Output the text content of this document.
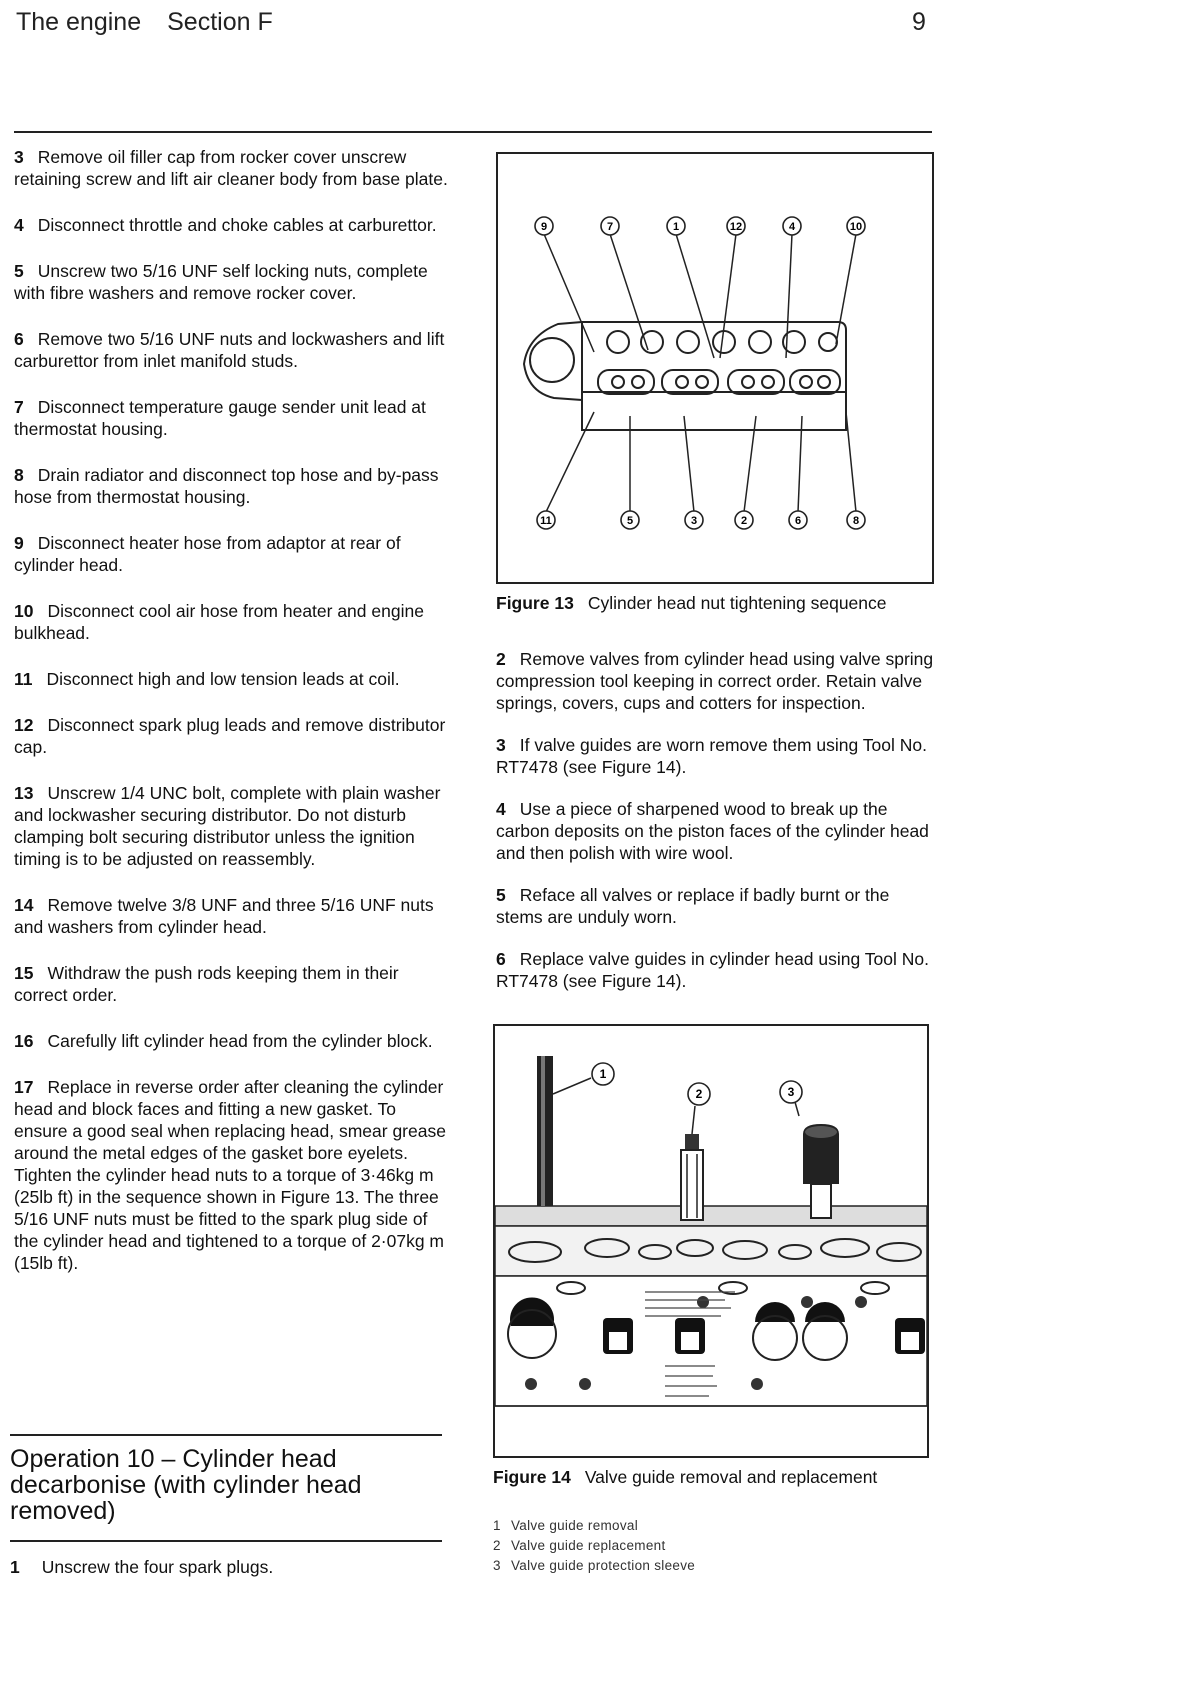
The engine Section F	9
3 Remove oil filler cap from rocker cover unscrew retaining screw and lift air cleaner body from base plate.
4 Disconnect throttle and choke cables at carburettor.
5 Unscrew two 5/16 UNF self locking nuts, complete with fibre washers and remove rocker cover.
6 Remove two 5/16 UNF nuts and lockwashers and lift carburettor from inlet manifold studs.
7 Disconnect temperature gauge sender unit lead at thermostat housing.
8 Drain radiator and disconnect top hose and by-pass hose from thermostat housing.
9 Disconnect heater hose from adaptor at rear of cylinder head.
10 Disconnect cool air hose from heater and engine bulkhead.
11 Disconnect high and low tension leads at coil.
12 Disconnect spark plug leads and remove distributor cap.
13 Unscrew 1/4 UNC bolt, complete with plain washer and lockwasher securing distributor. Do not disturb clamping bolt securing distributor unless the ignition timing is to be adjusted on reassembly.
14 Remove twelve 3/8 UNF and three 5/16 UNF nuts and washers from cylinder head.
15 Withdraw the push rods keeping them in their correct order.
16 Carefully lift cylinder head from the cylinder block.
17 Replace in reverse order after cleaning the cylinder head and block faces and fitting a new gasket. To ensure a good seal when replacing head, smear grease around the metal edges of the gasket bore eyelets. Tighten the cylinder head nuts to a torque of 3·46kg m (25lb ft) in the sequence shown in Figure 13. The three 5/16 UNF nuts must be fitted to the spark plug side of the cylinder head and tightened to a torque of 2·07kg m (15lb ft).
Operation 10 – Cylinder head decarbonise (with cylinder head removed)
1 Unscrew the four spark plugs.
9	7	1	12	4	10
11	5	3	2	6	8
Figure 13 Cylinder head nut tightening sequence
2 Remove valves from cylinder head using valve spring compression tool keeping in correct order. Retain valve springs, covers, cups and cotters for inspection.
3 If valve guides are worn remove them using Tool No. RT7478 (see Figure 14).
4 Use a piece of sharpened wood to break up the carbon deposits on the piston faces of the cylinder head and then polish with wire wool.
5 Reface all valves or replace if badly burnt or the stems are unduly worn.
6 Replace valve guides in cylinder head using Tool No. RT7478 (see Figure 14).
1
2	3
Figure 14 Valve guide removal and replacement
1 Valve guide removal
2 Valve guide replacement
3 Valve guide protection sleeve
